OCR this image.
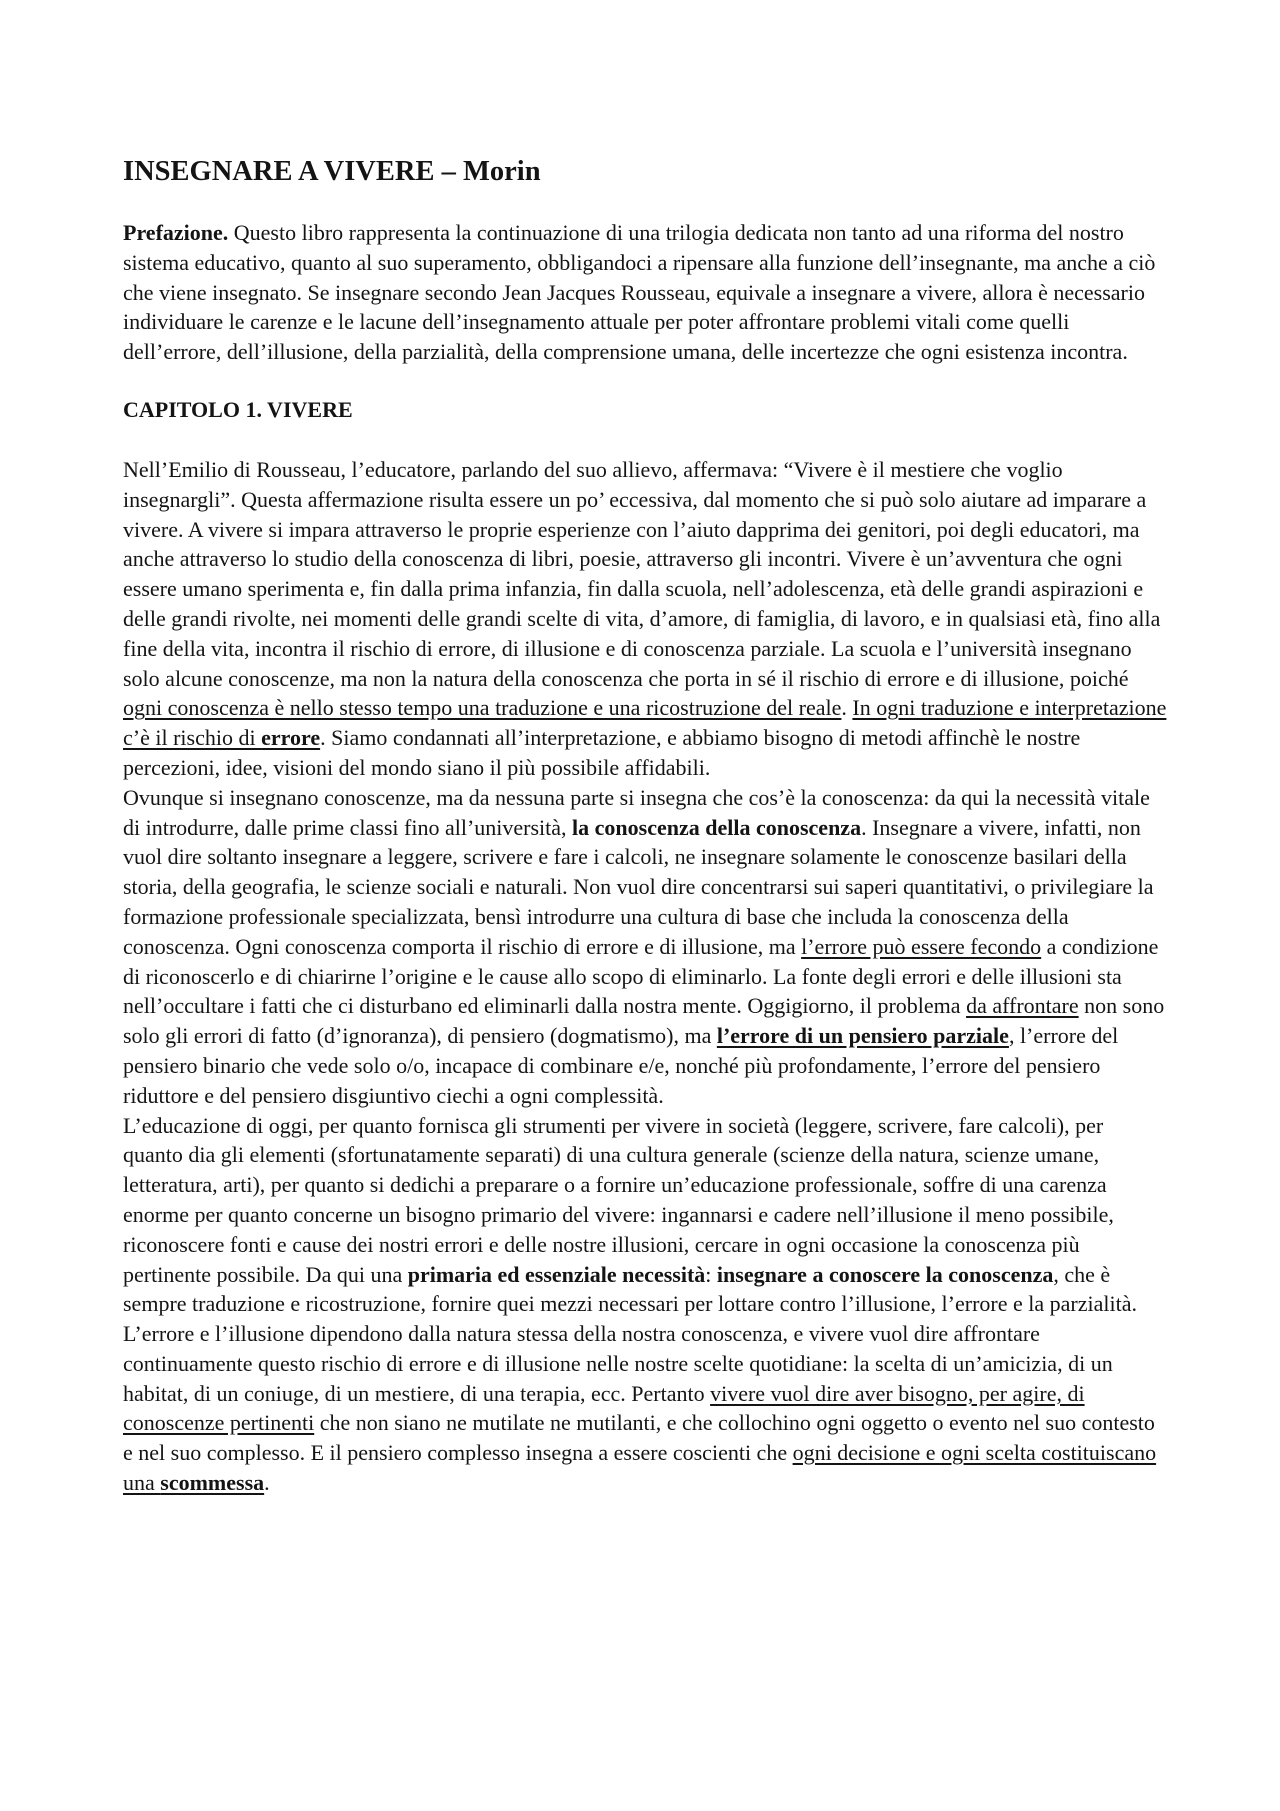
INSEGNARE A VIVERE – Morin

Prefazione. Questo libro rappresenta la continuazione di una trilogia dedicata non tanto ad una riforma del nostro sistema educativo, quanto al suo superamento, obbligandoci a ripensare alla funzione dell’insegnante, ma anche a ciò che viene insegnato. Se insegnare secondo Jean Jacques Rousseau, equivale a insegnare a vivere, allora è necessario individuare le carenze e le lacune dell’insegnamento attuale per poter affrontare problemi vitali come quelli dell’errore, dell’illusione, della parzialità, della comprensione umana, delle incertezze che ogni esistenza incontra.

CAPITOLO 1. VIVERE

Nell’Emilio di Rousseau, l’educatore, parlando del suo allievo, affermava: “Vivere è il mestiere che voglio insegnargli”. Questa affermazione risulta essere un po’ eccessiva, dal momento che si può solo aiutare ad imparare a vivere. A vivere si impara attraverso le proprie esperienze con l’aiuto dapprima dei genitori, poi degli educatori, ma anche attraverso lo studio della conoscenza di libri, poesie, attraverso gli incontri. Vivere è un’avventura che ogni essere umano sperimenta e, fin dalla prima infanzia, fin dalla scuola, nell’adolescenza, età delle grandi aspirazioni e delle grandi rivolte, nei momenti delle grandi scelte di vita, d’amore, di famiglia, di lavoro, e in qualsiasi età, fino alla fine della vita, incontra il rischio di errore, di illusione e di conoscenza parziale. La scuola e l’università insegnano solo alcune conoscenze, ma non la natura della conoscenza che porta in sé il rischio di errore e di illusione, poiché ogni conoscenza è nello stesso tempo una traduzione e una ricostruzione del reale. In ogni traduzione e interpretazione c’è il rischio di errore. Siamo condannati all’interpretazione, e abbiamo bisogno di metodi affinchè le nostre percezioni, idee, visioni del mondo siano il più possibile affidabili.

Ovunque si insegnano conoscenze, ma da nessuna parte si insegna che cos’è la conoscenza: da qui la necessità vitale di introdurre, dalle prime classi fino all’università, la conoscenza della conoscenza. Insegnare a vivere, infatti, non vuol dire soltanto insegnare a leggere, scrivere e fare i calcoli, ne insegnare solamente le conoscenze basilari della storia, della geografia, le scienze sociali e naturali. Non vuol dire concentrarsi sui saperi quantitativi, o privilegiare la formazione professionale specializzata, bensì introdurre una cultura di base che includa la conoscenza della conoscenza. Ogni conoscenza comporta il rischio di errore e di illusione, ma l’errore può essere fecondo a condizione di riconoscerlo e di chiarirne l’origine e le cause allo scopo di eliminarlo. La fonte degli errori e delle illusioni sta nell’occultare i fatti che ci disturbano ed eliminarli dalla nostra mente. Oggigiorno, il problema da affrontare non sono solo gli errori di fatto (d’ignoranza), di pensiero (dogmatismo), ma l’errore di un pensiero parziale, l’errore del pensiero binario che vede solo o/o, incapace di combinare e/e, nonché più profondamente, l’errore del pensiero riduttore e del pensiero disgiuntivo ciechi a ogni complessità.

L’educazione di oggi, per quanto fornisca gli strumenti per vivere in società (leggere, scrivere, fare calcoli), per quanto dia gli elementi (sfortunatamente separati) di una cultura generale (scienze della natura, scienze umane, letteratura, arti), per quanto si dedichi a preparare o a fornire un’educazione professionale, soffre di una carenza enorme per quanto concerne un bisogno primario del vivere: ingannarsi e cadere nell’illusione il meno possibile, riconoscere fonti e cause dei nostri errori e delle nostre illusioni, cercare in ogni occasione la conoscenza più pertinente possibile. Da qui una primaria ed essenziale necessità: insegnare a conoscere la conoscenza, che è sempre traduzione e ricostruzione, fornire quei mezzi necessari per lottare contro l’illusione, l’errore e la parzialità.

L’errore e l’illusione dipendono dalla natura stessa della nostra conoscenza, e vivere vuol dire affrontare continuamente questo rischio di errore e di illusione nelle nostre scelte quotidiane: la scelta di un’amicizia, di un habitat, di un coniuge, di un mestiere, di una terapia, ecc. Pertanto vivere vuol dire aver bisogno, per agire, di conoscenze pertinenti che non siano ne mutilate ne mutilanti, e che collochino ogni oggetto o evento nel suo contesto e nel suo complesso. E il pensiero complesso insegna a essere coscienti che ogni decisione e ogni scelta costituiscano una scommessa.
